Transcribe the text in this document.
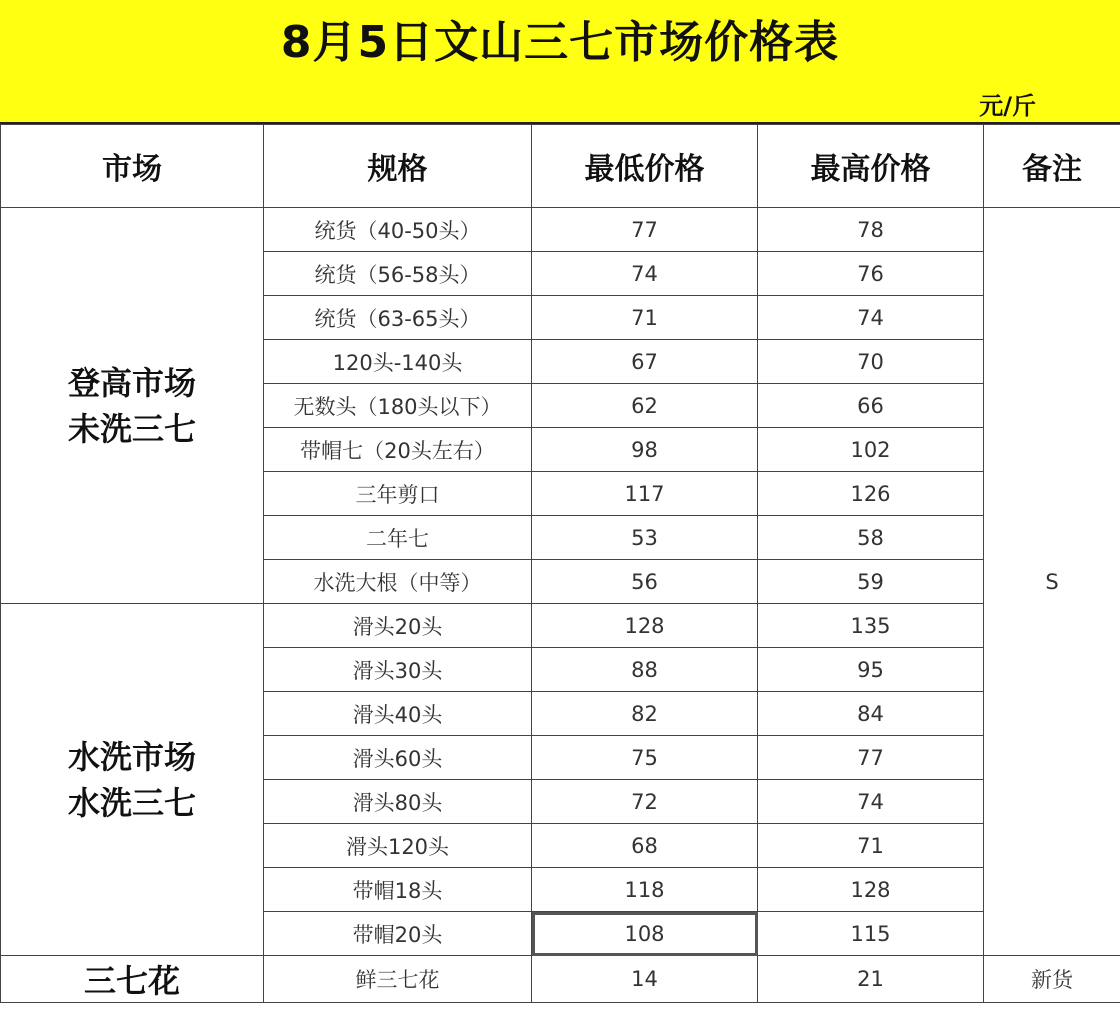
8月5日文山三七市场价格表
元/斤
市场	规格	最低价格	最高价格	备注
登高市场
未洗三七	统货（40-50头）	77	78	S
	统货（56-58头）	74	76	
	统货（63-65头）	71	74	
	120头-140头	67	70	
	无数头（180头以下）	62	66	
	带帽七（20头左右）	98	102	
	三年剪口	117	126	
	二年七	53	58	
	水洗大根（中等）	56	59	
水洗市场
水洗三七	滑头20头	128	135	
	滑头30头	88	95	
	滑头40头	82	84	
	滑头60头	75	77	
	滑头80头	72	74	
	滑头120头	68	71	
	带帽18头	118	128	
	带帽20头	108	115	
三七花	鲜三七花	14	21	新货
